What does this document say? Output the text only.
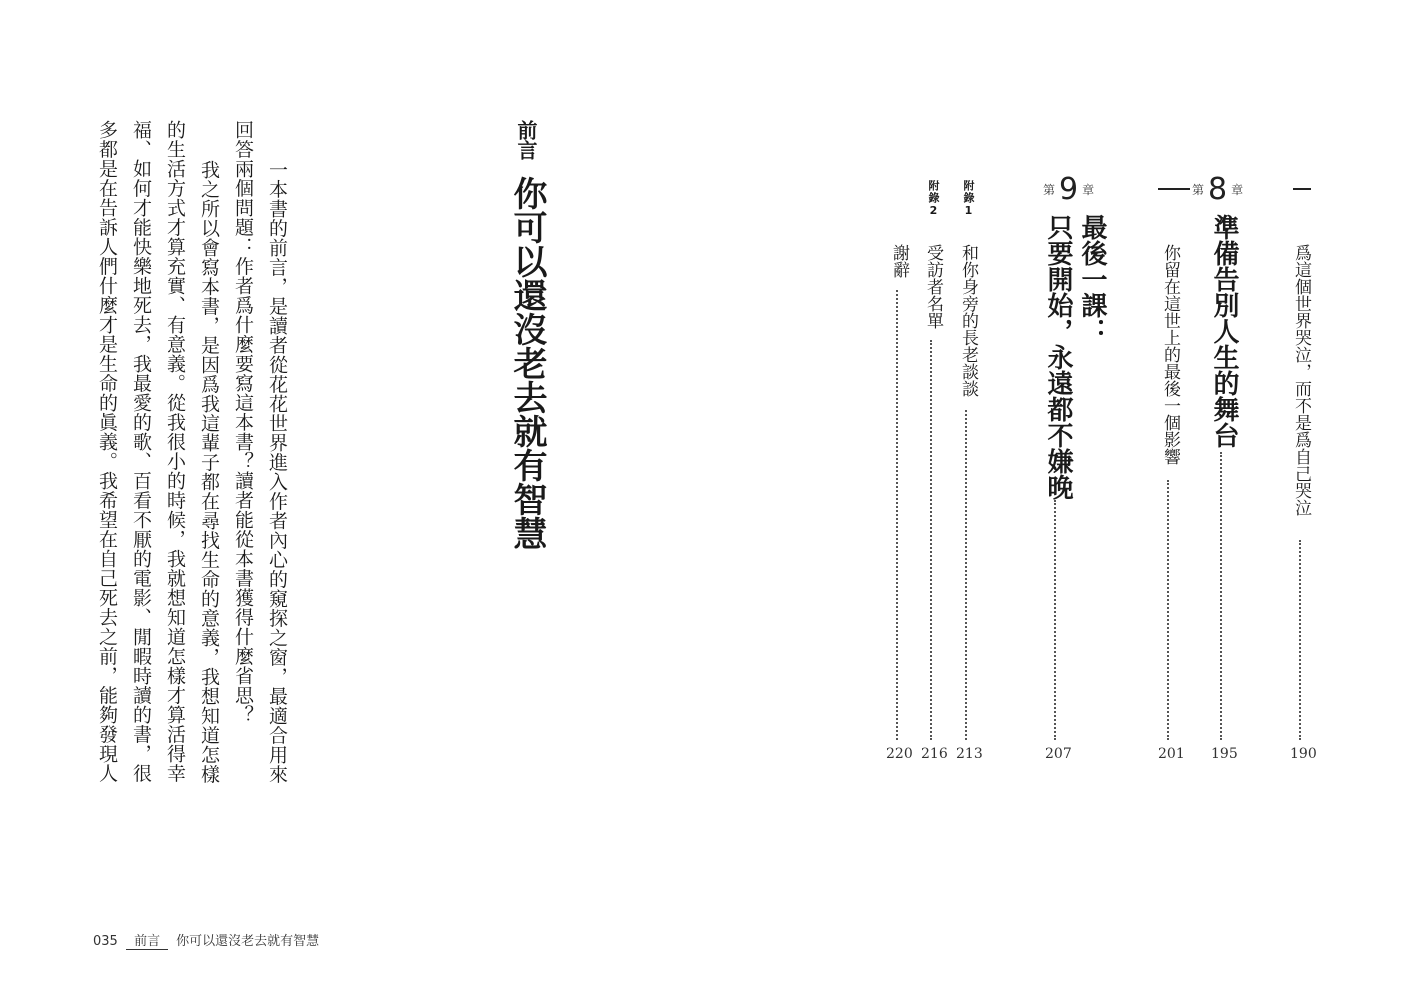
爲這個世界哭泣，而不是爲自己哭泣
190
第 8 章
準備告別人生的舞台
195
你留在這世上的最後一個影響
201
第 9 章
最後一課：
只要開始，永遠都不嫌晚
207
附錄1
和你身旁的長老談談
213
附錄2
受訪者名單
216
謝辭
220
前言
你可以還沒老去就有智慧
一本書的前言，是讀者從花花世界進入作者內心的窺探之窗，最適合用來
回答兩個問題：作者爲什麼要寫這本書？讀者能從本書獲得什麼省思？
我之所以會寫本書，是因爲我這輩子都在尋找生命的意義，我想知道怎樣
的生活方式才算充實、有意義。從我很小的時候，我就想知道怎樣才算活得幸
福、如何才能快樂地死去，我最愛的歌、百看不厭的電影、閒暇時讀的書，很
多都是在告訴人們什麼才是生命的眞義。我希望在自己死去之前，能夠發現人
035 前言 你可以還沒老去就有智慧
